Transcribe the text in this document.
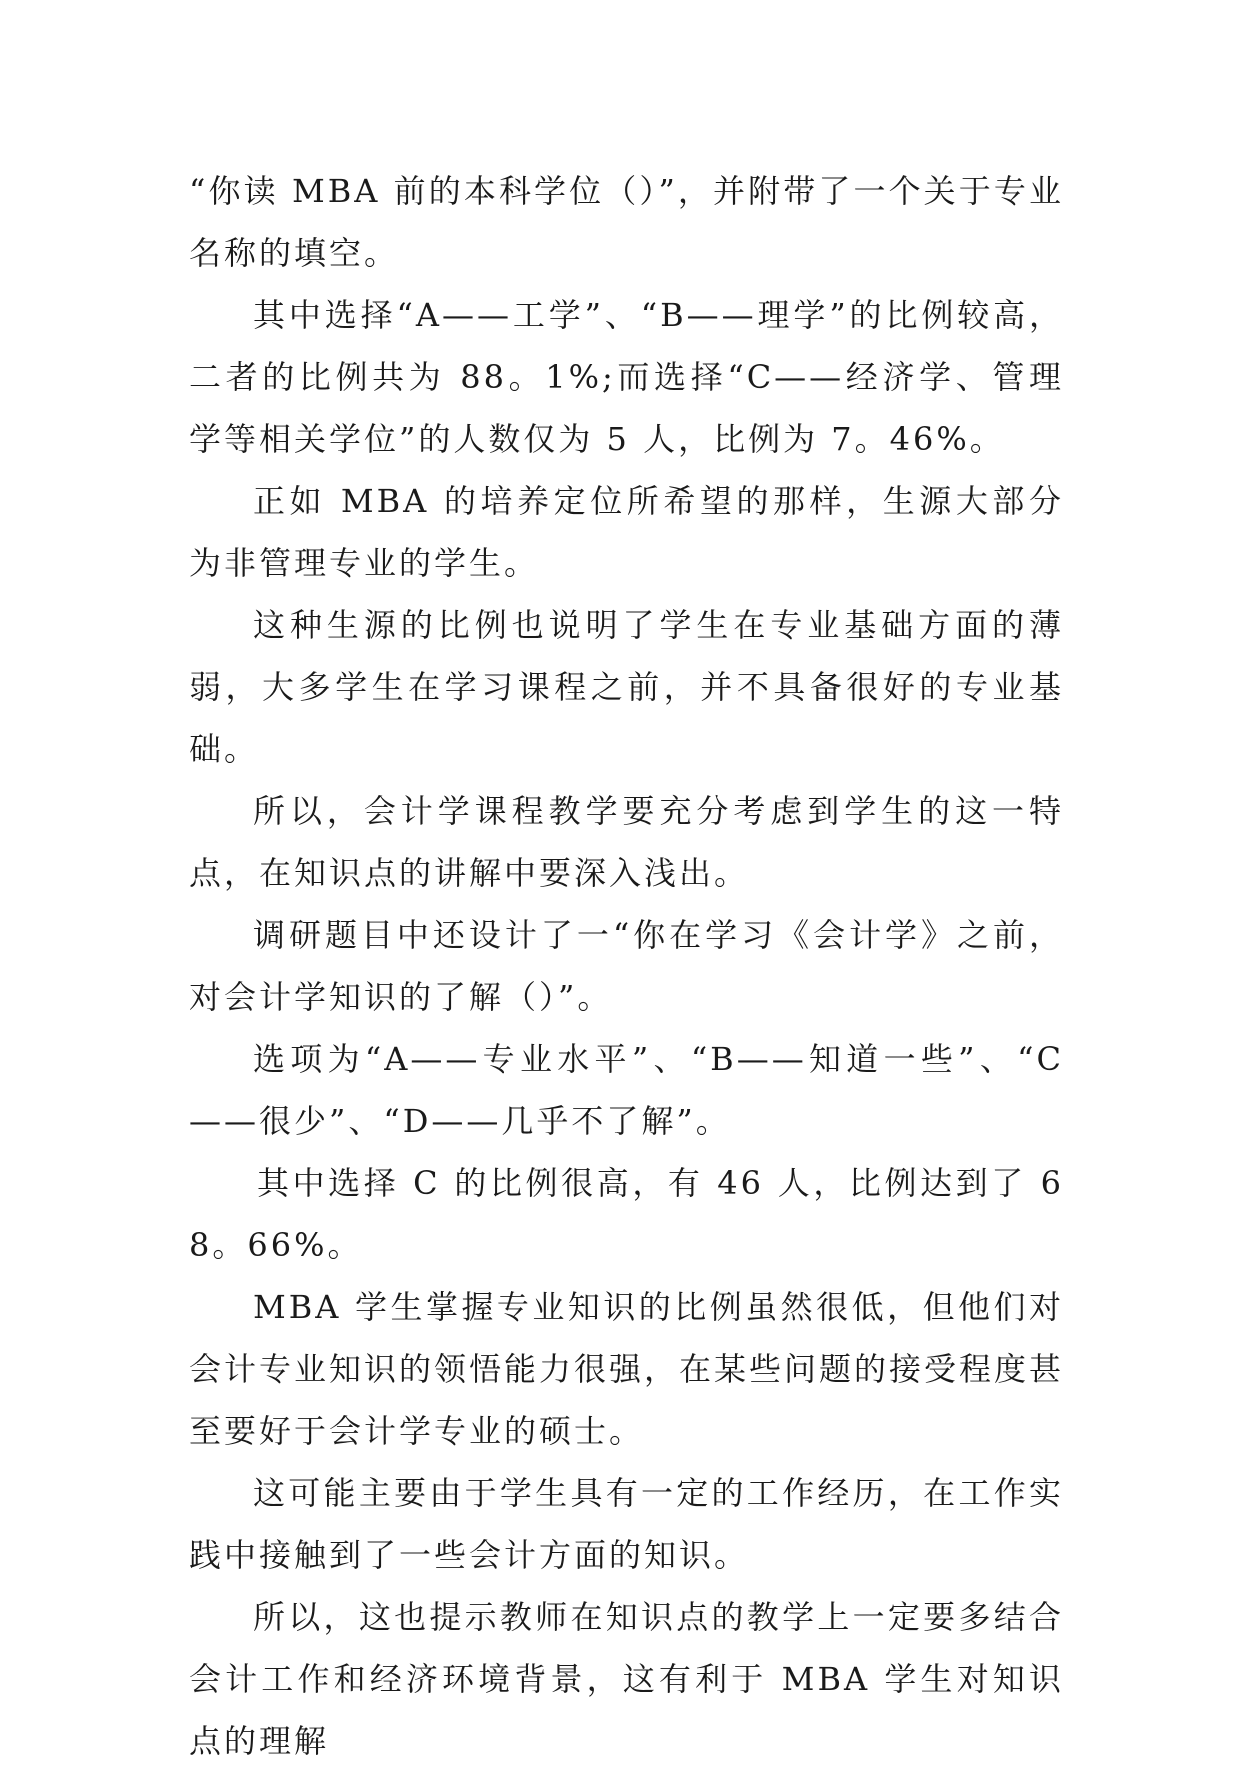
“你读 MBA 前的本科学位（）”，并附带了一个关于专业名称的填空。

其中选择“A——工学”、“B——理学”的比例较高，二者的比例共为 88。1%;而选择“C——经济学、管理学等相关学位”的人数仅为 5 人，比例为 7。46%。

正如 MBA 的培养定位所希望的那样，生源大部分为非管理专业的学生。

这种生源的比例也说明了学生在专业基础方面的薄弱，大多学生在学习课程之前，并不具备很好的专业基础。

所以，会计学课程教学要充分考虑到学生的这一特点，在知识点的讲解中要深入浅出。

调研题目中还设计了一“你在学习《会计学》之前，对会计学知识的了解（）”。

选项为“A——专业水平”、“B——知道一些”、“C——很少”、“D——几乎不了解”。

其中选择 C 的比例很高，有 46 人，比例达到了 68。66%。

MBA 学生掌握专业知识的比例虽然很低，但他们对会计专业知识的领悟能力很强，在某些问题的接受程度甚至要好于会计学专业的硕士。

这可能主要由于学生具有一定的工作经历，在工作实践中接触到了一些会计方面的知识。

所以，这也提示教师在知识点的教学上一定要多结合会计工作和经济环境背景，这有利于 MBA 学生对知识点的理解
